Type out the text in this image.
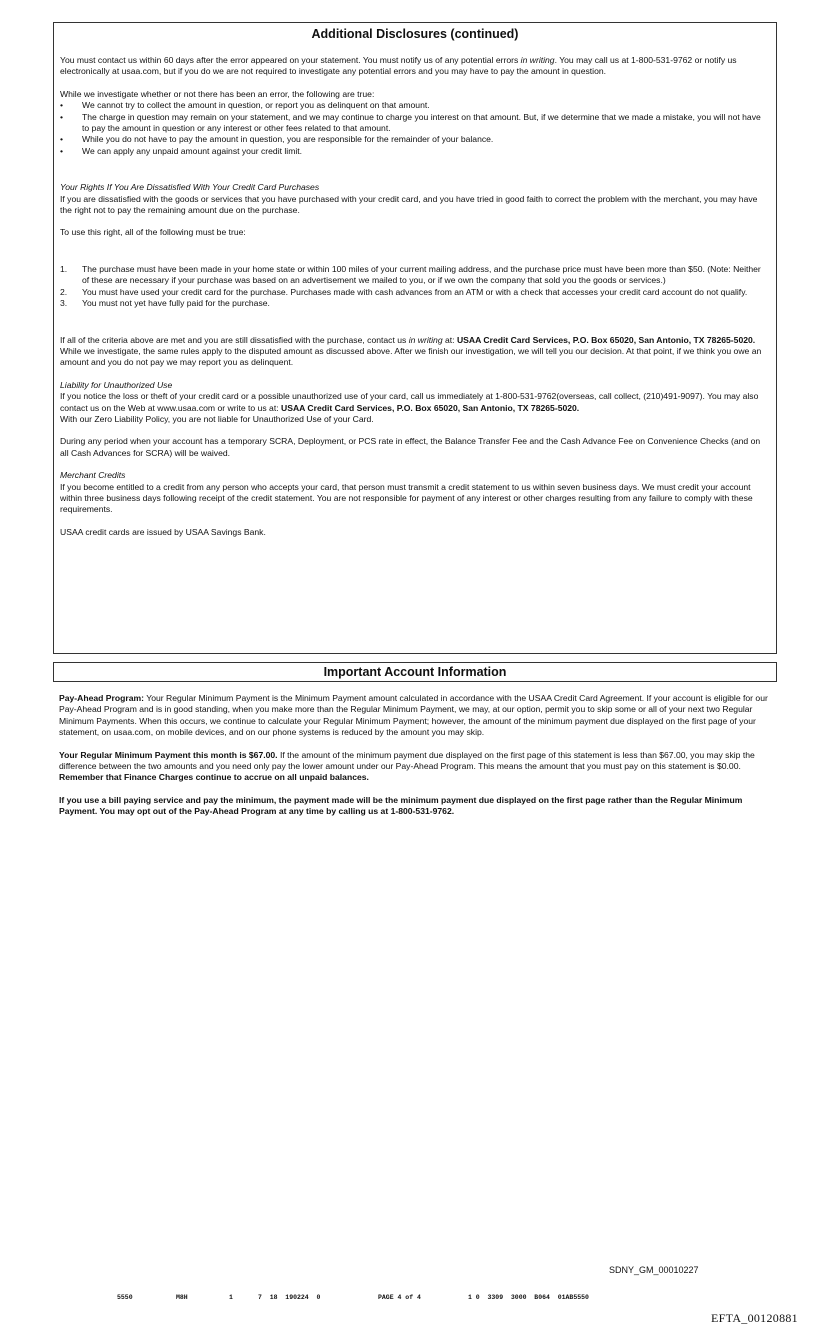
Additional Disclosures (continued)

You must contact us within 60 days after the error appeared on your statement. You must notify us of any potential errors in writing. You may call us at 1-800-531-9762 or notify us electronically at usaa.com, but if you do we are not required to investigate any potential errors and you may have to pay the amount in question.

While we investigate whether or not there has been an error, the following are true:

• We cannot try to collect the amount in question, or report you as delinquent on that amount.
• The charge in question may remain on your statement, and we may continue to charge you interest on that amount. But, if we determine that we made a mistake, you will not have to pay the amount in question or any interest or other fees related to that amount.
• While you do not have to pay the amount in question, you are responsible for the remainder of your balance.
• We can apply any unpaid amount against your credit limit.

Your Rights If You Are Dissatisfied With Your Credit Card Purchases

If you are dissatisfied with the goods or services that you have purchased with your credit card, and you have tried in good faith to correct the problem with the merchant, you may have the right not to pay the remaining amount due on the purchase.

To use this right, all of the following must be true:

1. The purchase must have been made in your home state or within 100 miles of your current mailing address, and the purchase price must have been more than $50. (Note: Neither of these are necessary if your purchase was based on an advertisement we mailed to you, or if we own the company that sold you the goods or services.)
2. You must have used your credit card for the purchase. Purchases made with cash advances from an ATM or with a check that accesses your credit card account do not qualify.
3. You must not yet have fully paid for the purchase.

If all of the criteria above are met and you are still dissatisfied with the purchase, contact us in writing at: USAA Credit Card Services, P.O. Box 65020, San Antonio, TX 78265-5020. While we investigate, the same rules apply to the disputed amount as discussed above. After we finish our investigation, we will tell you our decision. At that point, if we think you owe an amount and you do not pay we may report you as delinquent.

Liability for Unauthorized Use

If you notice the loss or theft of your credit card or a possible unauthorized use of your card, call us immediately at 1-800-531-9762(overseas, call collect, (210)491-9097). You may also contact us on the Web at www.usaa.com or write to us at: USAA Credit Card Services, P.O. Box 65020, San Antonio, TX 78265-5020.

With our Zero Liability Policy, you are not liable for Unauthorized Use of your Card.

During any period when your account has a temporary SCRA, Deployment, or PCS rate in effect, the Balance Transfer Fee and the Cash Advance Fee on Convenience Checks (and on all Cash Advances for SCRA) will be waived.

Merchant Credits

If you become entitled to a credit from any person who accepts your card, that person must transmit a credit statement to us within seven business days. We must credit your account within three business days following receipt of the credit statement. You are not responsible for payment of any interest or other charges resulting from any failure to comply with these requirements.

USAA credit cards are issued by USAA Savings Bank.

Important Account Information

Pay-Ahead Program: Your Regular Minimum Payment is the Minimum Payment amount calculated in accordance with the USAA Credit Card Agreement. If your account is eligible for our Pay-Ahead Program and is in good standing, when you make more than the Regular Minimum Payment, we may, at our option, permit you to skip some or all of your next two Regular Minimum Payments. When this occurs, we continue to calculate your Regular Minimum Payment; however, the amount of the minimum payment due displayed on the first page of your statement, on usaa.com, on mobile devices, and on our phone systems is reduced by the amount you may skip.

Your Regular Minimum Payment this month is $67.00. If the amount of the minimum payment due displayed on the first page of this statement is less than $67.00, you may skip the difference between the two amounts and you need only pay the lower amount under our Pay-Ahead Program. This means the amount that you must pay on this statement is $0.00. Remember that Finance Charges continue to accrue on all unpaid balances.

If you use a bill paying service and pay the minimum, the payment made will be the minimum payment due displayed on the first page rather than the Regular Minimum Payment. You may opt out of the Pay-Ahead Program at any time by calling us at 1-800-531-9762.

SDNY_GM_00010227
5550	M8H	1	7  18  190224  0	PAGE 4 of 4	1 0  3309  3000  B064  01AB5550
EFTA_00120881
